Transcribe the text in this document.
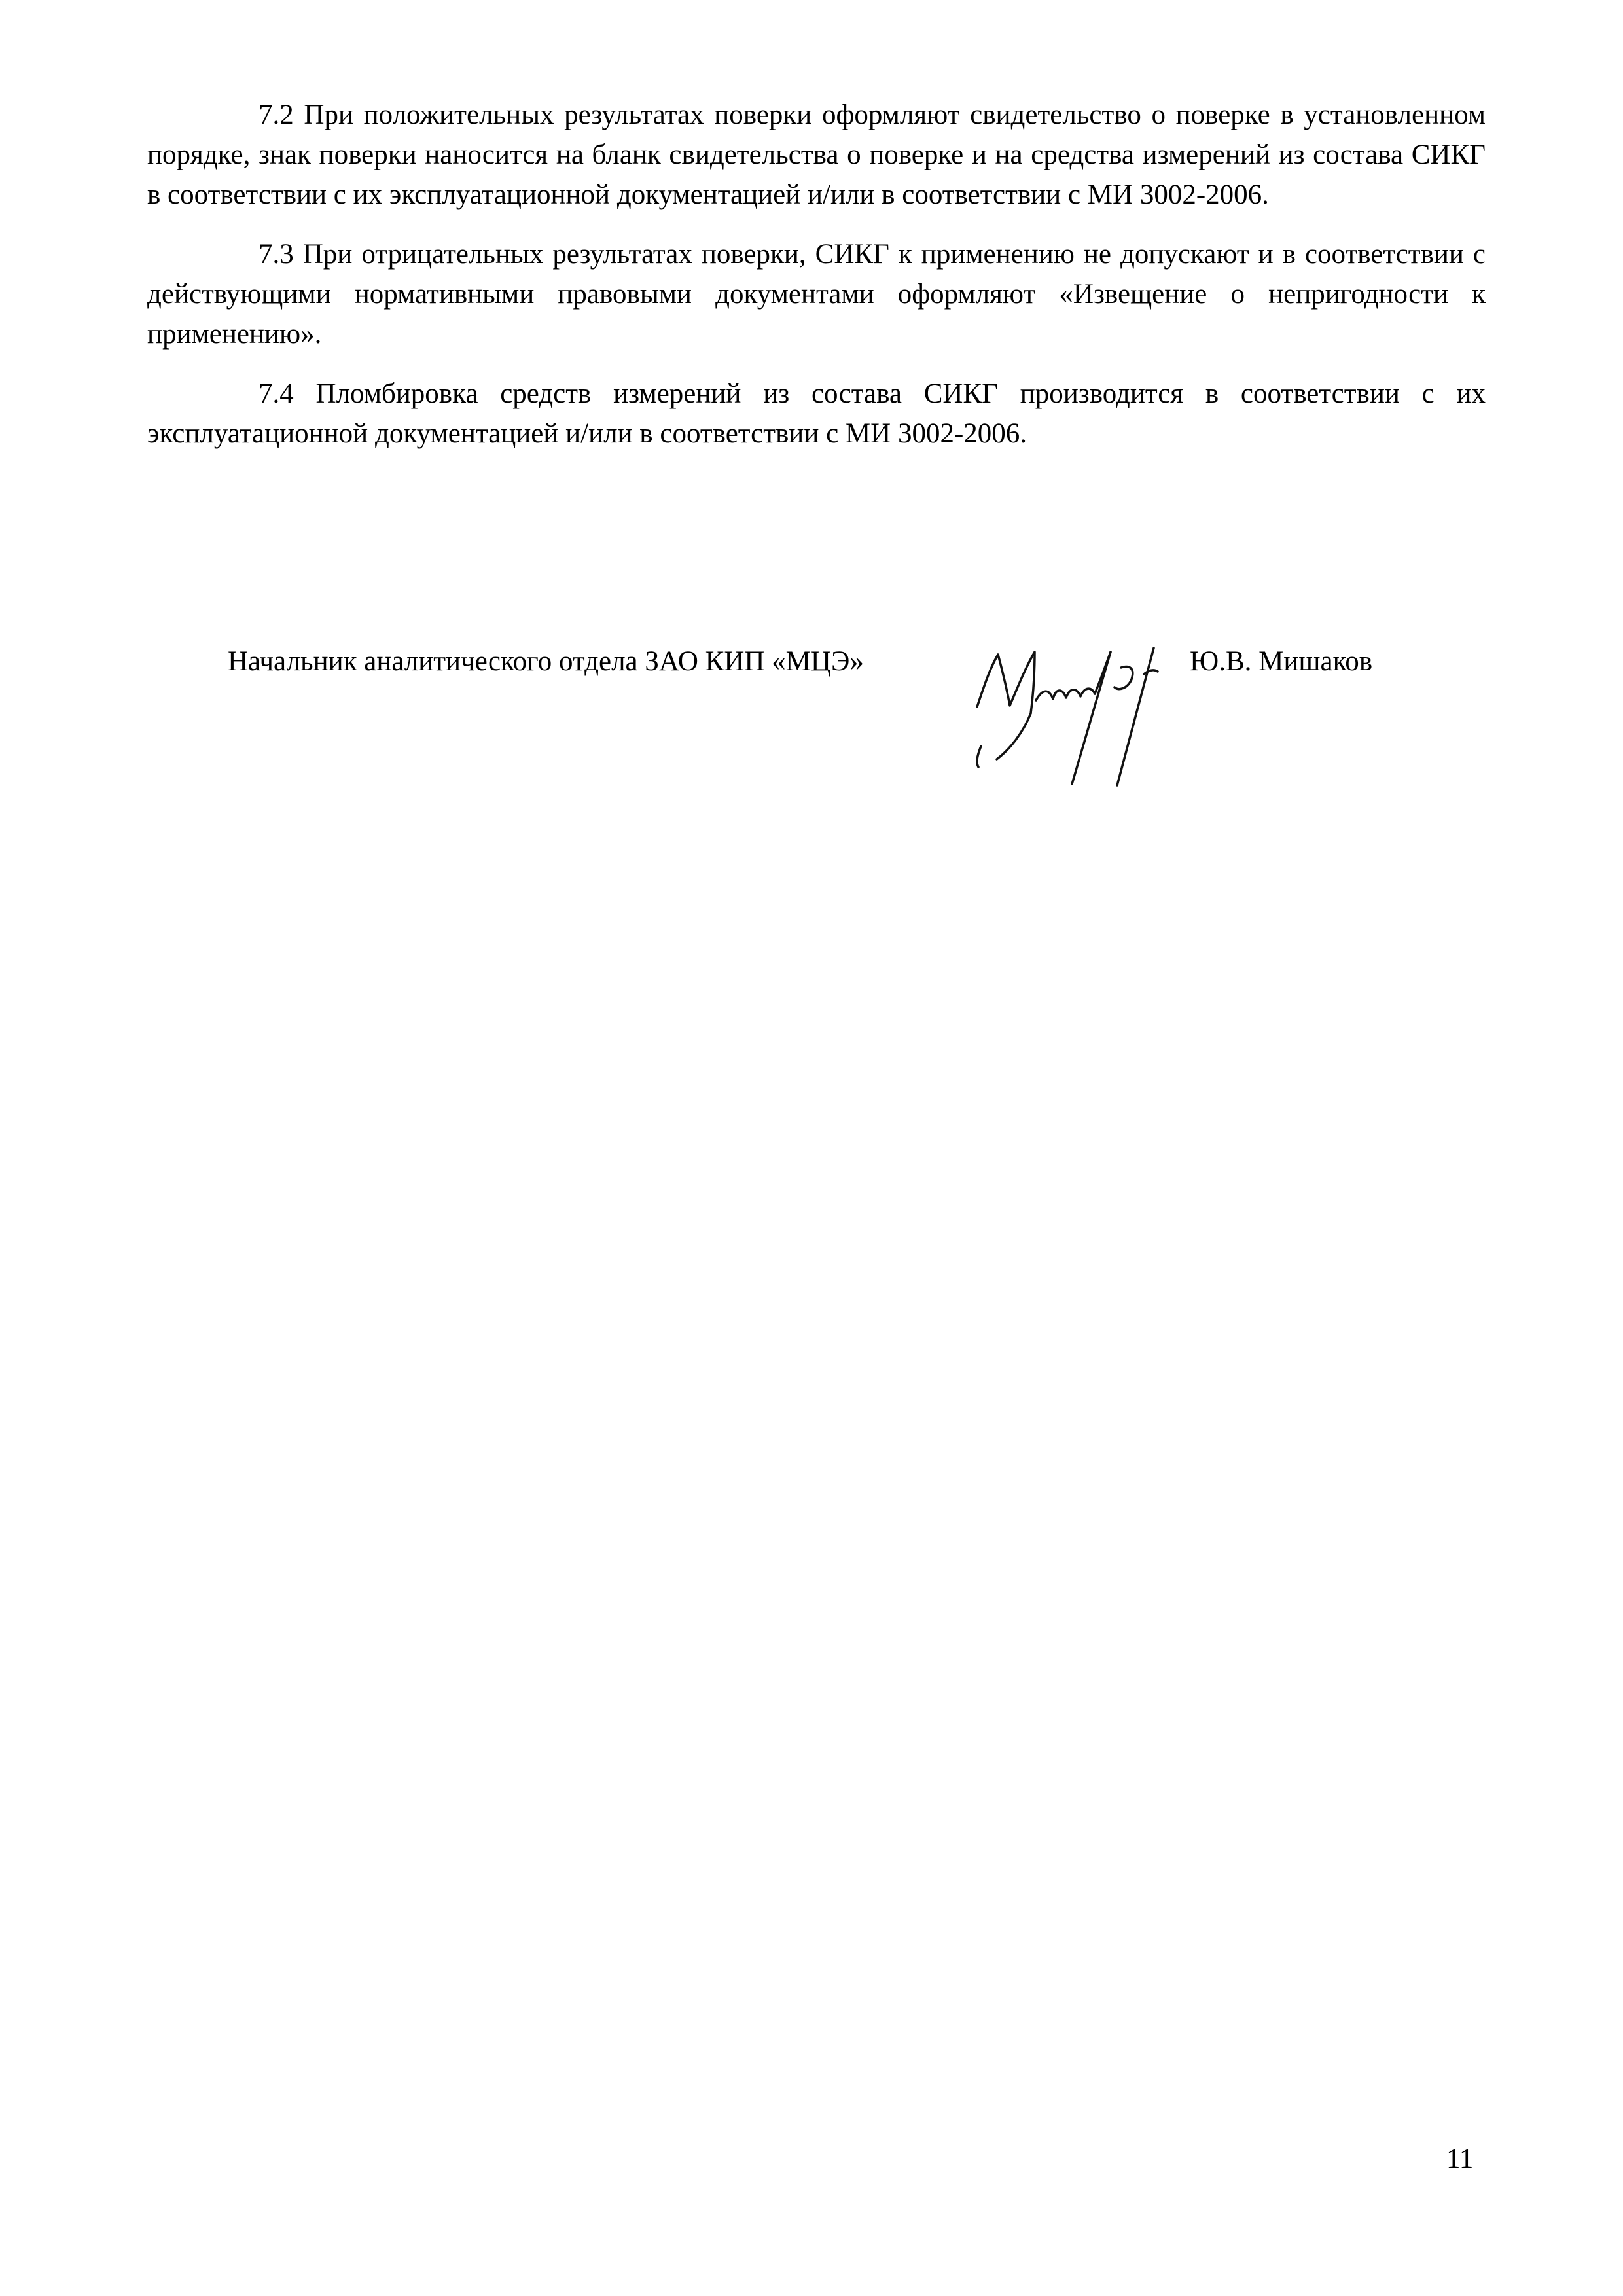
7.2 При положительных результатах поверки оформляют свидетельство о поверке в установленном порядке, знак поверки наносится на бланк свидетельства о поверке и на средства измерений из состава СИКГ в соответствии с их эксплуатационной документацией и/или в соответствии с МИ 3002-2006.

7.3 При отрицательных результатах поверки, СИКГ к применению не допускают и в соответствии с действующими нормативными правовыми документами оформляют «Извещение о непригодности к применению».

7.4 Пломбировка средств измерений из состава СИКГ производится в соответствии с их эксплуатационной документацией и/или в соответствии с МИ 3002-2006.

Начальник аналитического отдела ЗАО КИП «МЦЭ»	Ю.В. Мишаков
11
